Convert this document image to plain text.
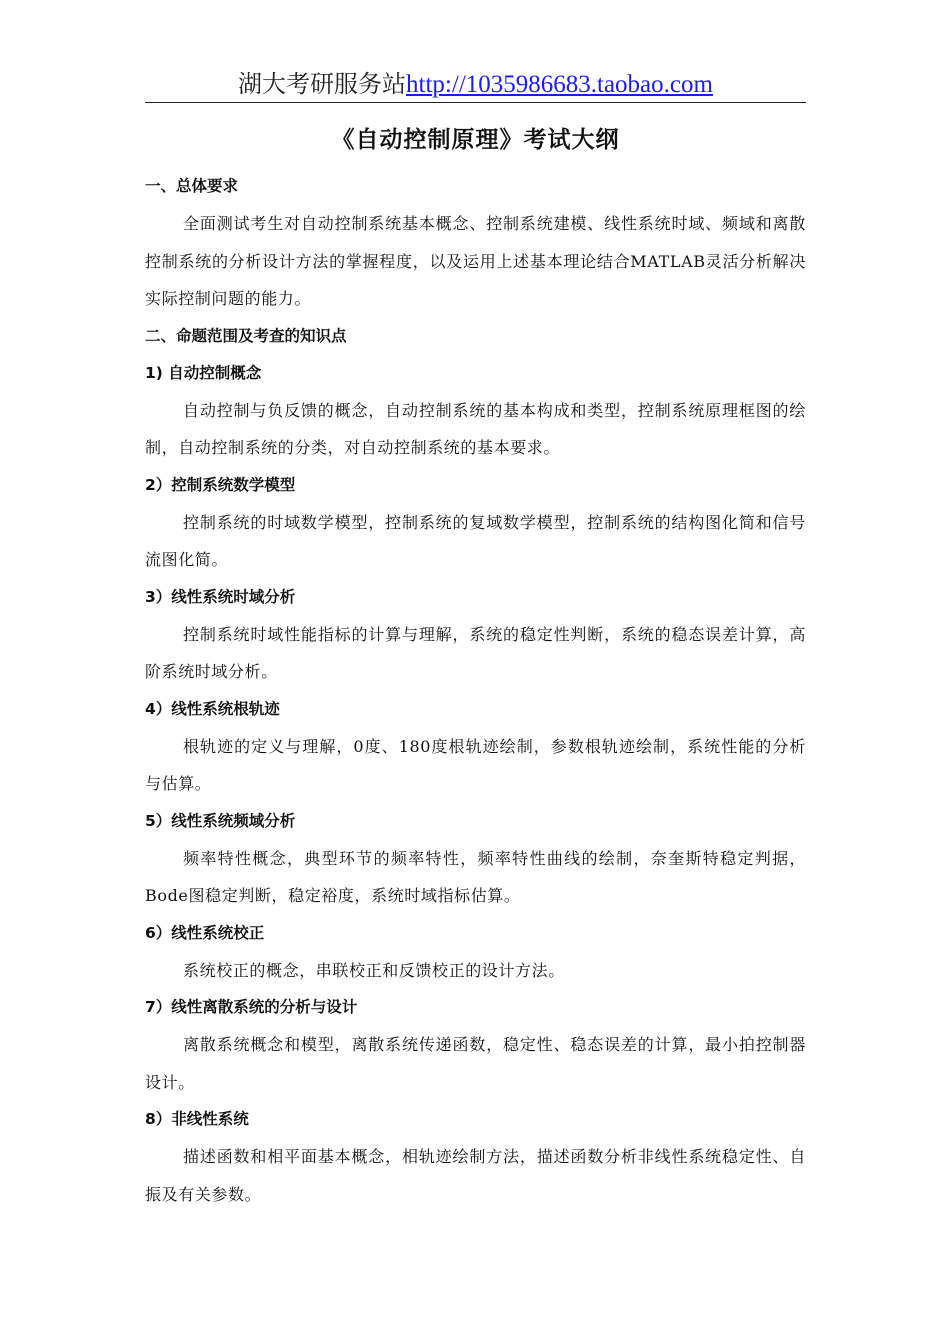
湖大考研服务站http://1035986683.taobao.com
《自动控制原理》考试大纲
一、总体要求

全面测试考生对自动控制系统基本概念、控制系统建模、线性系统时域、频域和离散控制系统的分析设计方法的掌握程度，以及运用上述基本理论结合MATLAB灵活分析解决实际控制问题的能力。

二、命题范围及考查的知识点
1) 自动控制概念

自动控制与负反馈的概念，自动控制系统的基本构成和类型，控制系统原理框图的绘制，自动控制系统的分类，对自动控制系统的基本要求。

2）控制系统数学模型

控制系统的时域数学模型，控制系统的复域数学模型，控制系统的结构图化简和信号流图化简。

3）线性系统时域分析

控制系统时域性能指标的计算与理解，系统的稳定性判断，系统的稳态误差计算，高阶系统时域分析。

4）线性系统根轨迹

根轨迹的定义与理解，0度、180度根轨迹绘制，参数根轨迹绘制，系统性能的分析与估算。

5）线性系统频域分析

频率特性概念，典型环节的频率特性，频率特性曲线的绘制，奈奎斯特稳定判据，Bode图稳定判断，稳定裕度，系统时域指标估算。

6）线性系统校正

系统校正的概念，串联校正和反馈校正的设计方法。

7）线性离散系统的分析与设计

离散系统概念和模型，离散系统传递函数，稳定性、稳态误差的计算，最小拍控制器设计。

8）非线性系统

描述函数和相平面基本概念，相轨迹绘制方法，描述函数分析非线性系统稳定性、自振及有关参数。
